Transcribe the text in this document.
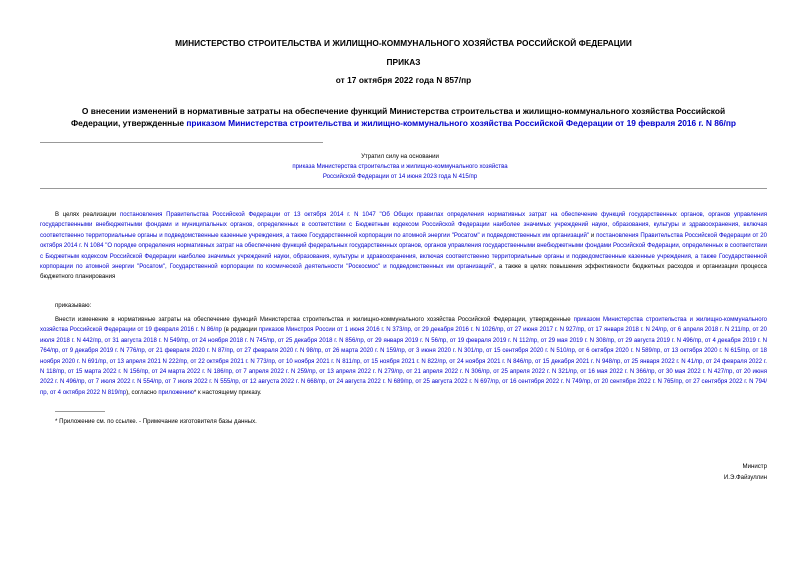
МИНИСТЕРСТВО СТРОИТЕЛЬСТВА И ЖИЛИЩНО-КОММУНАЛЬНОГО ХОЗЯЙСТВА РОССИЙСКОЙ ФЕДЕРАЦИИ
ПРИКАЗ
от 17 октября 2022 года N 857/пр
О внесении изменений в нормативные затраты на обеспечение функций Министерства строительства и жилищно-коммунального хозяйства Российской
Федерации, утвержденные приказом Министерства строительства и жилищно-коммунального хозяйства Российской Федерации от 19 февраля 2016 г. N 86/пр
Утратил силу на основании
приказа Министерства строительства и жилищно-коммунального хозяйства
Российской Федерации от 14 июня 2023 года N 415/пр

В целях реализации постановления Правительства Российской Федерации от 13 октября 2014 г. N 1047 "Об Общих правилах определения нормативных затрат на обеспечение функций государственных органов, органов управления государственными внебюджетными фондами и муниципальных органов, определенных в соответствии с Бюджетным кодексом Российской Федерации наиболее значимых учреждений науки, образования, культуры и здравоохранения, включая соответственно территориальные органы и подведомственные казенные учреждения, а также Государственной корпорации по атомной энергии "Росатом" и подведомственных им организаций" и постановления Правительства Российской Федерации от 20 октября 2014 г. N 1084 "О порядке определения нормативных затрат на обеспечение функций федеральных государственных органов, органов управления государственными внебюджетными фондами Российской Федерации, определенных в соответствии с Бюджетным кодексом Российской Федерации наиболее значимых учреждений науки, образования, культуры и здравоохранения, включая соответственно территориальные органы и подведомственные казенные учреждения, а также Государственной корпорации по атомной энергии "Росатом", Государственной корпорации по космической деятельности "Роскосмос" и подведомственных им организаций", а также в целях повышения эффективности бюджетных расходов и организации процесса бюджетного планирования

приказываю:

Внести изменение в нормативные затраты на обеспечение функций Министерства строительства и жилищно-коммунального хозяйства Российской Федерации, утвержденные приказом Министерства строительства и жилищно-коммунального хозяйства Российской Федерации от 19 февраля 2016 г. N 86/пр (в редакции приказов Минстроя России от 1 июня 2016 г. N 373/пр, от 29 декабря 2016 г. N 1026/пр, от 27 июня 2017 г. N 927/пр, от 17 января 2018 г. N 24/пр, от 6 апреля 2018 г. N 211/пр, от 20 июля 2018 г. N 442/пр, от 31 августа 2018 г. N 549/пр, от 24 ноября 2018 г. N 745/пр, от 25 декабря 2018 г. N 856/пр, от 29 января 2019 г. N 56/пр, от 19 февраля 2019 г. N 112/пр, от 29 мая 2019 г. N 308/пр, от 29 августа 2019 г. N 496/пр, от 4 декабря 2019 г. N 764/пр, от 9 декабря 2019 г. N 776/пр, от 21 февраля 2020 г. N 87/пр, от 27 февраля 2020 г. N 98/пр, от 26 марта 2020 г. N 159/пр, от 3 июня 2020 г. N 301/пр, от 15 сентября 2020 г. N 510/пр, от 6 октября 2020 г. N 589/пр, от 13 октября 2020 г. N 615/пр, от 18 ноября 2020 г. N 691/пр, от 13 апреля 2021 N 222/пр, от 22 октября 2021 г. N 773/пр, от 10 ноября 2021 г. N 811/пр, от 15 ноября 2021 г. N 822/пр, от 24 ноября 2021 г. N 846/пр, от 15 декабря 2021 г. N 948/пр, от 25 января 2022 г. N 41/пр, от 24 февраля 2022 г. N 118/пр, от 15 марта 2022 г. N 156/пр, от 24 марта 2022 г. N 186/пр, от 7 апреля 2022 г. N 259/пр, от 13 апреля 2022 г. N 279/пр, от 21 апреля 2022 г. N 306/пр, от 25 апреля 2022 г. N 321/пр, от 16 мая 2022 г. N 366/пр, от 30 мая 2022 г. N 427/пр, от 20 июня 2022 г. N 496/пр, от 7 июля 2022 г. N 554/пр, от 7 июля 2022 г. N 555/пр, от 12 августа 2022 г. N 668/пр, от 24 августа 2022 г. N 689/пр, от 25 августа 2022 г. N 697/пр, от 16 сентября 2022 г. N 749/пр, от 20 сентября 2022 г. N 765/пр, от 27 сентября 2022 г. N 794/пр, от 4 октября 2022 N 819/пр), согласно приложению* к настоящему приказу.

* Приложение см. по ссылке. - Примечание изготовителя базы данных.
Министр
И.Э.Файзуллин
